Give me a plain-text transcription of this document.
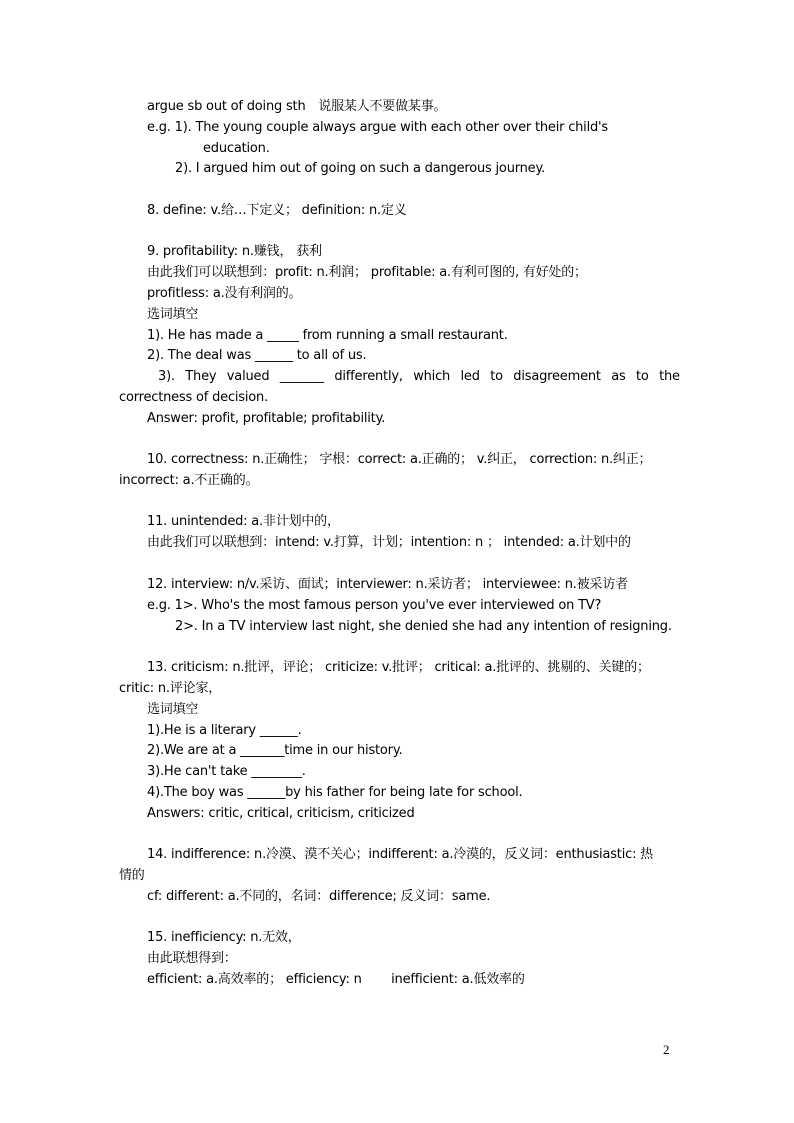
argue sb out of doing sth　说服某人不要做某事。
e.g. 1). The young couple always argue with each other over their child's
education.
2). I argued him out of going on such a dangerous journey.
8. define: v.给…下定义； definition: n.定义
9. profitability: n.赚钱， 获利
由此我们可以联想到：profit: n.利润； profitable: a.有利可图的, 有好处的；
profitless: a.没有利润的。
选词填空
1). He has made a _____ from running a small restaurant.
2). The deal was ______ to all of us.
3). They valued _______ differently, which led to disagreement as to the
correctness of decision.
Answer: profit, profitable; profitability.
10. correctness: n.正确性； 字根：correct: a.正确的； v.纠正， correction: n.纠正；
incorrect: a.不正确的。
11. unintended: a.非计划中的，
由此我们可以联想到：intend: v.打算，计划；intention: n ； intended: a.计划中的
12. interview: n/v.采访、面试；interviewer: n.采访者； interviewee: n.被采访者
e.g. 1>. Who's the most famous person you've ever interviewed on TV?
2>. In a TV interview last night, she denied she had any intention of resigning.
13. criticism: n.批评，评论； criticize: v.批评； critical: a.批评的、挑剔的、关键的；
critic: n.评论家，
选词填空
1).He is a literary ______.
2).We are at a _______time in our history.
3).He can't take ________.
4).The boy was ______by his father for being late for school.
Answers: critic, critical, criticism, criticized
14. indifference: n.冷漠、漠不关心；indifferent: a.冷漠的，反义词：enthusiastic: 热
情的
cf: different: a.不同的，名词：difference; 反义词：same.
15. inefficiency: n.无效，
由此联想得到：
efficient: a.高效率的； efficiency: n　　 inefficient: a.低效率的
2
